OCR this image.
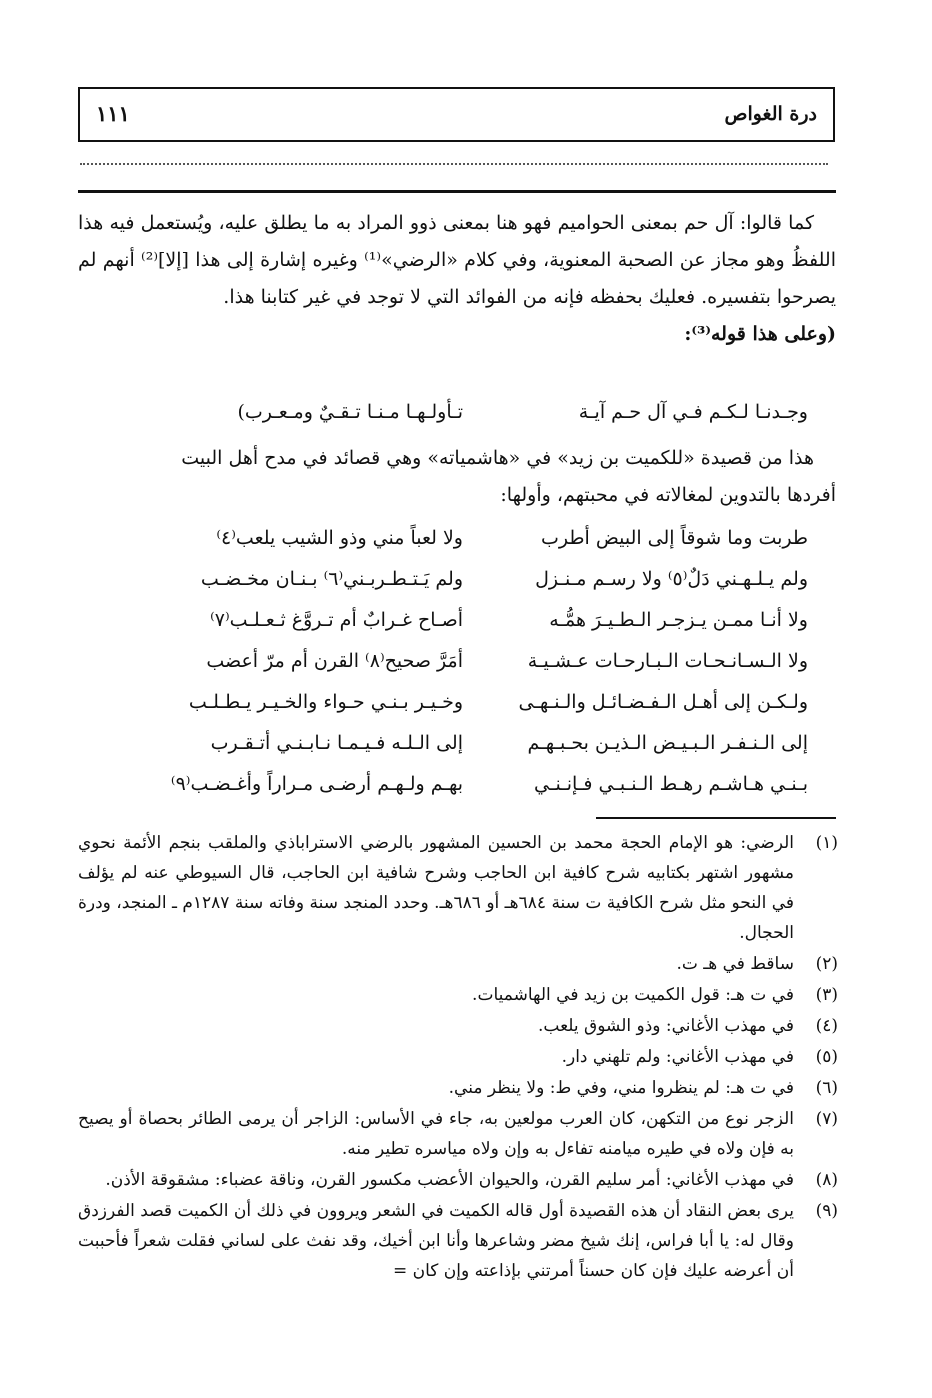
درة الغواص
١١١

كما قالوا: آل حم بمعنى الحواميم فهو هنا بمعنى ذوو المراد به ما يطلق عليه، ويُستعمل فيه هذا اللفظُ وهو مجاز عن الصحبة المعنوية، وفي كلام «الرضي»⁽¹⁾ وغيره إشارة إلى هذا [إلا]⁽²⁾ أنهم لم يصرحوا بتفسيره. فعليك بحفظه فإنه من الفوائد التي لا توجد في غير كتابنا هذا.

(وعلى هذا قوله⁽³⁾:

وجـدنـا لـكـم فـي آل حـم آيـة
تـأولـهـا مـنـا تـقـيٌ ومـعـرب)

هذا من قصيدة «للكميت بن زيد» في «هاشمياته» وهي قصائد في مدح أهل البيت

أفردها بالتدوين لمغالاته في محبتهم، وأولها:

طربت وما شوقاً إلى البيض أطرب
ولا لعباً مني وذو الشيب يلعب⁽٤⁾
ولم يـلـهـني دَلٌ⁽٥⁾ ولا رسـم مـنـزل
ولم يَـتـطـربـني⁽٦⁾ بـنـان مخـضـب
ولا أنـا ممـن يـزجـر الـطـيـرَ همُّـه
أصـاح غـرابٌ أم تـروَّغ ثـعـلـب⁽٧⁾
ولا الـسـانـحـات الـبـارحـات عـشـيـة
أمَرَّ صحيح⁽٨⁾ القرن أم مرّ أعضب
ولـكـن إلى أهـل الـفـضـائـل والـنـهـى
وخـيـر بـنـي حـواء والخـيـر يـطـلـب
إلى الـنـفـر الـبـيـض الـذيـن بحـبـهـم
إلى الـلـه فـيـمـا نـابـنـي أتـقـرب
بـنـي هـاشـم رهـط الـنـبـي فـإنـنـي
بهـم ولـهـم أرضـى مـراراً وأغـضـب⁽٩⁾
(١)
الرضي: هو الإمام الحجة محمد بن الحسين المشهور بالرضي الاستراباذي والملقب بنجم الأئمة نحوي مشهور اشتهر بكتابيه شرح كافية ابن الحاجب وشرح شافية ابن الحاجب، قال السيوطي عنه لم يؤلف في النحو مثل شرح الكافية ت سنة ٦٨٤هـ أو ٦٨٦هـ. وحدد المنجد سنة وفاته سنة ١٢٨٧م ـ المنجد، ودرة الحجال.
(٢)
ساقط في هـ ت.
(٣)
في ت هـ: قول الكميت بن زيد في الهاشميات.
(٤)
في مهذب الأغاني: وذو الشوق يلعب.
(٥)
في مهذب الأغاني: ولم تلهني دار.
(٦)
في ت هـ: لم ينظروا مني، وفي ط: ولا ينظر مني.
(٧)
الزجر نوع من التكهن، كان العرب مولعين به، جاء في الأساس: الزاجر أن يرمى الطائر بحصاة أو يصيح به فإن ولاه في طيره ميامنه تفاءل به وإن ولاه مياسره تطير منه.
(٨)
في مهذب الأغاني: أمر سليم القرن، والحيوان الأعضب مكسور القرن، وناقة عضباء: مشقوقة الأذن.
(٩)
يرى بعض النقاد أن هذه القصيدة أول قاله الكميت في الشعر ويروون في ذلك أن الكميت قصد الفرزدق وقال له: يا أبا فراس، إنك شيخ مضر وشاعرها وأنا ابن أخيك، وقد نفث على لساني فقلت شعراً فأحببت أن أعرضه عليك فإن كان حسناً أمرتني بإذاعته وإن كان =
